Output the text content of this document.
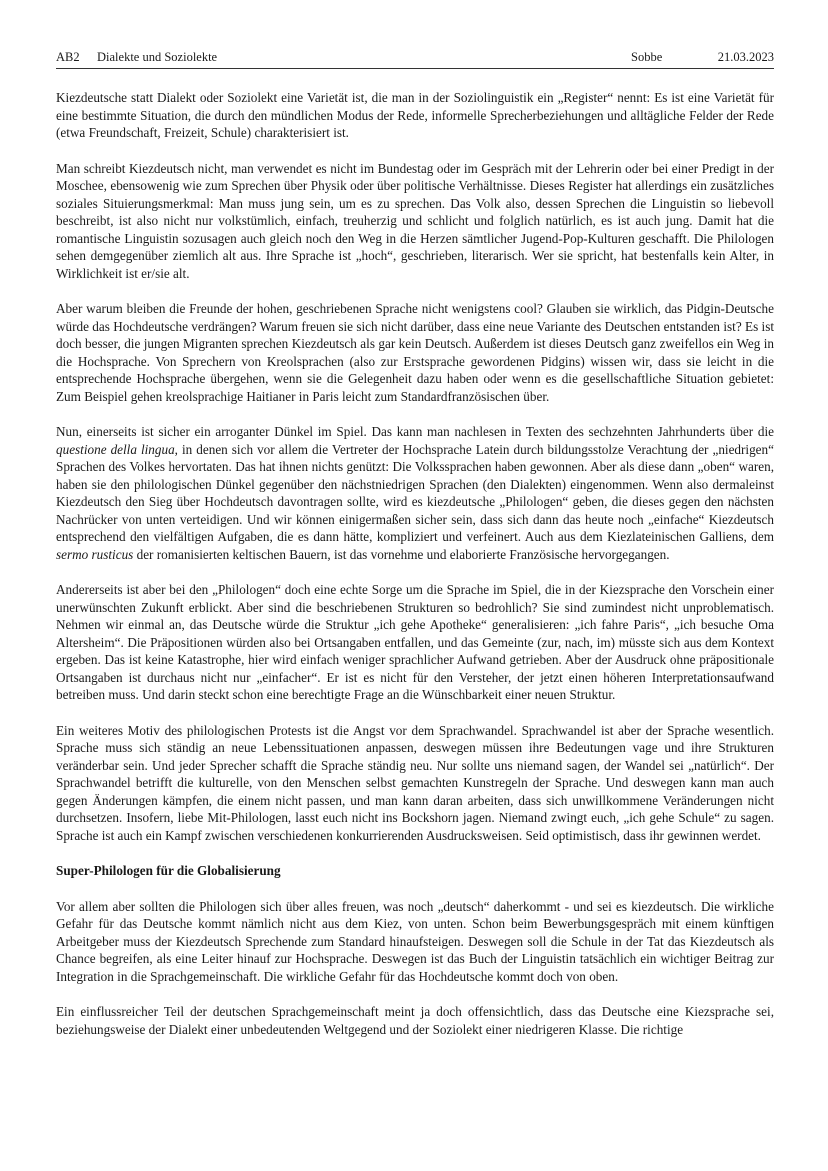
AB2 Dialekte und Soziolekte	Sobbe	21.03.2023

Kiezdeutsche statt Dialekt oder Soziolekt eine Varietät ist, die man in der Soziolinguistik ein „Register“ nennt: Es ist eine Varietät für eine bestimmte Situation, die durch den mündlichen Modus der Rede, informelle Sprecherbeziehungen und alltägliche Felder der Rede (etwa Freundschaft, Freizeit, Schule) charakterisiert ist.

Man schreibt Kiezdeutsch nicht, man verwendet es nicht im Bundestag oder im Gespräch mit der Lehrerin oder bei einer Predigt in der Moschee, ebensowenig wie zum Sprechen über Physik oder über politische Verhältnisse. Dieses Register hat allerdings ein zusätzliches soziales Situierungsmerkmal: Man muss jung sein, um es zu sprechen. Das Volk also, dessen Sprechen die Linguistin so liebevoll beschreibt, ist also nicht nur volkstümlich, einfach, treuherzig und schlicht und folglich natürlich, es ist auch jung. Damit hat die romantische Linguistin sozusagen auch gleich noch den Weg in die Herzen sämtlicher Jugend-Pop-Kulturen geschafft. Die Philologen sehen demgegenüber ziemlich alt aus. Ihre Sprache ist „hoch“, geschrieben, literarisch. Wer sie spricht, hat bestenfalls kein Alter, in Wirklichkeit ist er/sie alt.

Aber warum bleiben die Freunde der hohen, geschriebenen Sprache nicht wenigstens cool? Glauben sie wirklich, das Pidgin-Deutsche würde das Hochdeutsche verdrängen? Warum freuen sie sich nicht darüber, dass eine neue Variante des Deutschen entstanden ist? Es ist doch besser, die jungen Migranten sprechen Kiezdeutsch als gar kein Deutsch. Außerdem ist dieses Deutsch ganz zweifellos ein Weg in die Hochsprache. Von Sprechern von Kreolsprachen (also zur Erstsprache gewordenen Pidgins) wissen wir, dass sie leicht in die entsprechende Hochsprache übergehen, wenn sie die Gelegenheit dazu haben oder wenn es die gesellschaftliche Situation gebietet: Zum Beispiel gehen kreolsprachige Haitianer in Paris leicht zum Standardfranzösischen über.

Nun, einerseits ist sicher ein arroganter Dünkel im Spiel. Das kann man nachlesen in Texten des sechzehnten Jahrhunderts über die questione della lingua, in denen sich vor allem die Vertreter der Hochsprache Latein durch bildungsstolze Verachtung der „niedrigen“ Sprachen des Volkes hervortaten. Das hat ihnen nichts genützt: Die Volkssprachen haben gewonnen. Aber als diese dann „oben“ waren, haben sie den philologischen Dünkel gegenüber den nächstniedrigen Sprachen (den Dialekten) eingenommen. Wenn also dermaleinst Kiezdeutsch den Sieg über Hochdeutsch davontragen sollte, wird es kiezdeutsche „Philologen“ geben, die dieses gegen den nächsten Nachrücker von unten verteidigen. Und wir können einigermaßen sicher sein, dass sich dann das heute noch „einfache“ Kiezdeutsch entsprechend den vielfältigen Aufgaben, die es dann hätte, kompliziert und verfeinert. Auch aus dem Kiezlateinischen Galliens, dem sermo rusticus der romanisierten keltischen Bauern, ist das vornehme und elaborierte Französische hervorgegangen.

Andererseits ist aber bei den „Philologen“ doch eine echte Sorge um die Sprache im Spiel, die in der Kiezsprache den Vorschein einer unerwünschten Zukunft erblickt. Aber sind die beschriebenen Strukturen so bedrohlich? Sie sind zumindest nicht unproblematisch. Nehmen wir einmal an, das Deutsche würde die Struktur „ich gehe Apotheke“ generalisieren: „ich fahre Paris“, „ich besuche Oma Altersheim“. Die Präpositionen würden also bei Ortsangaben entfallen, und das Gemeinte (zur, nach, im) müsste sich aus dem Kontext ergeben. Das ist keine Katastrophe, hier wird einfach weniger sprachlicher Aufwand getrieben. Aber der Ausdruck ohne präpositionale Ortsangaben ist durchaus nicht nur „einfacher“. Er ist es nicht für den Versteher, der jetzt einen höheren Interpretationsaufwand betreiben muss. Und darin steckt schon eine berechtigte Frage an die Wünschbarkeit einer neuen Struktur.

Ein weiteres Motiv des philologischen Protests ist die Angst vor dem Sprachwandel. Sprachwandel ist aber der Sprache wesentlich. Sprache muss sich ständig an neue Lebenssituationen anpassen, deswegen müssen ihre Bedeutungen vage und ihre Strukturen veränderbar sein. Und jeder Sprecher schafft die Sprache ständig neu. Nur sollte uns niemand sagen, der Wandel sei „natürlich“. Der Sprachwandel betrifft die kulturelle, von den Menschen selbst gemachten Kunstregeln der Sprache. Und deswegen kann man auch gegen Änderungen kämpfen, die einem nicht passen, und man kann daran arbeiten, dass sich unwillkommene Veränderungen nicht durchsetzen. Insofern, liebe Mit-Philologen, lasst euch nicht ins Bockshorn jagen. Niemand zwingt euch, „ich gehe Schule“ zu sagen. Sprache ist auch ein Kampf zwischen verschiedenen konkurrierenden Ausdrucksweisen. Seid optimistisch, dass ihr gewinnen werdet.

Super-Philologen für die Globalisierung

Vor allem aber sollten die Philologen sich über alles freuen, was noch „deutsch“ daherkommt - und sei es kiezdeutsch. Die wirkliche Gefahr für das Deutsche kommt nämlich nicht aus dem Kiez, von unten. Schon beim Bewerbungsgespräch mit einem künftigen Arbeitgeber muss der Kiezdeutsch Sprechende zum Standard hinaufsteigen. Deswegen soll die Schule in der Tat das Kiezdeutsch als Chance begreifen, als eine Leiter hinauf zur Hochsprache. Deswegen ist das Buch der Linguistin tatsächlich ein wichtiger Beitrag zur Integration in die Sprachgemeinschaft. Die wirkliche Gefahr für das Hochdeutsche kommt doch von oben.

Ein einflussreicher Teil der deutschen Sprachgemeinschaft meint ja doch offensichtlich, dass das Deutsche eine Kiezsprache sei, beziehungsweise der Dialekt einer unbedeutenden Weltgegend und der Soziolekt einer niedrigeren Klasse. Die richtige
